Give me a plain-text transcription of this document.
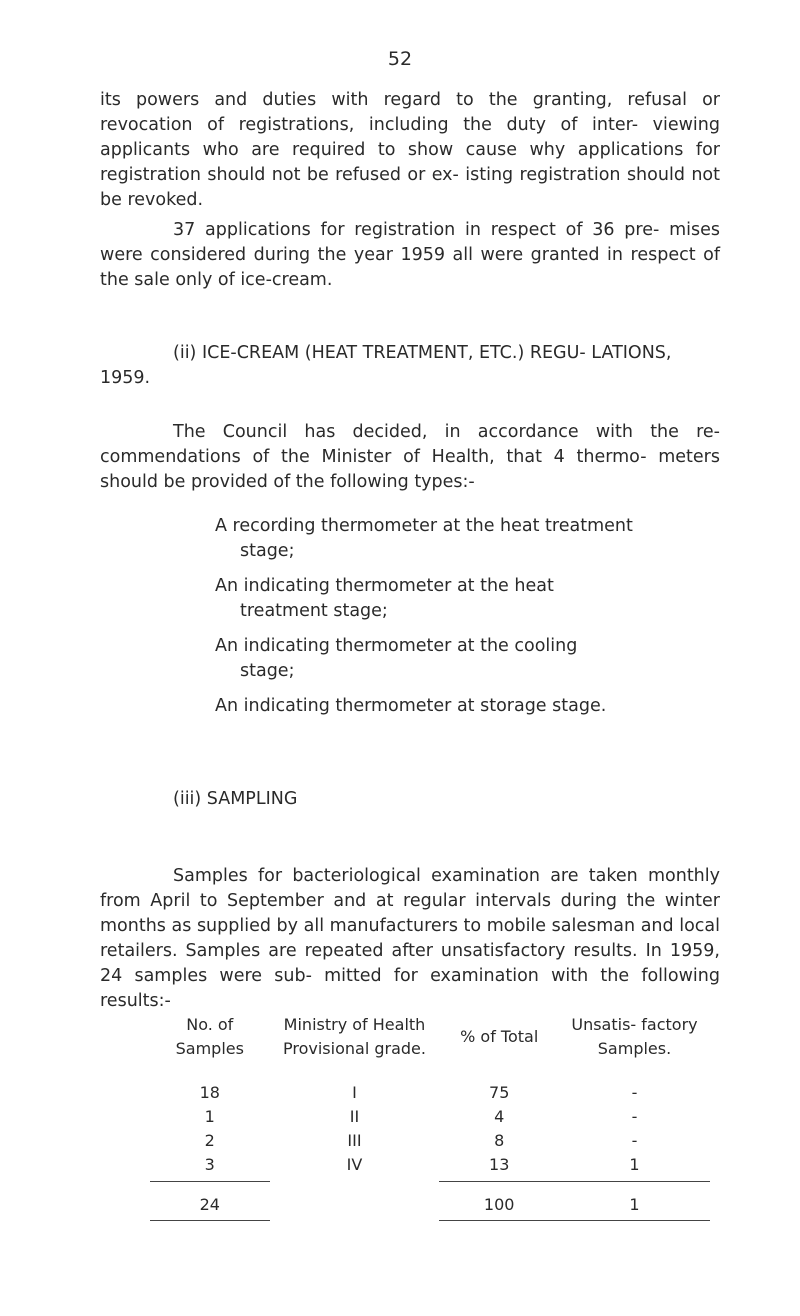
52

its powers and duties with regard to the granting, refusal or revocation of registrations, including the duty of inter- viewing applicants who are required to show cause why applications for registration should not be refused or ex- isting registration should not be revoked.

37 applications for registration in respect of 36 pre- mises were considered during the year 1959 all were granted in respect of the sale only of ice-cream.

(ii) ICE-CREAM (HEAT TREATMENT, ETC.) REGU- LATIONS, 1959.

The Council has decided, in accordance with the re- commendations of the Minister of Health, that 4 thermo- meters should be provided of the following types:-

A recording thermometer at the heat treatment stage;
An indicating thermometer at the heat treatment stage;
An indicating thermometer at the cooling stage;
An indicating thermometer at storage stage.

(iii) SAMPLING

Samples for bacteriological examination are taken monthly from April to September and at regular intervals during the winter months as supplied by all manufacturers to mobile salesman and local retailers. Samples are repeated after unsatisfactory results. In 1959, 24 samples were sub- mitted for examination with the following results:-

No. of Samples	Ministry of Health Provisional grade.	% of Total	Unsatis- factory Samples.
18	I	75	-
1	II	4	-
2	III	8	-
3	IV	13	1
24		100	1
